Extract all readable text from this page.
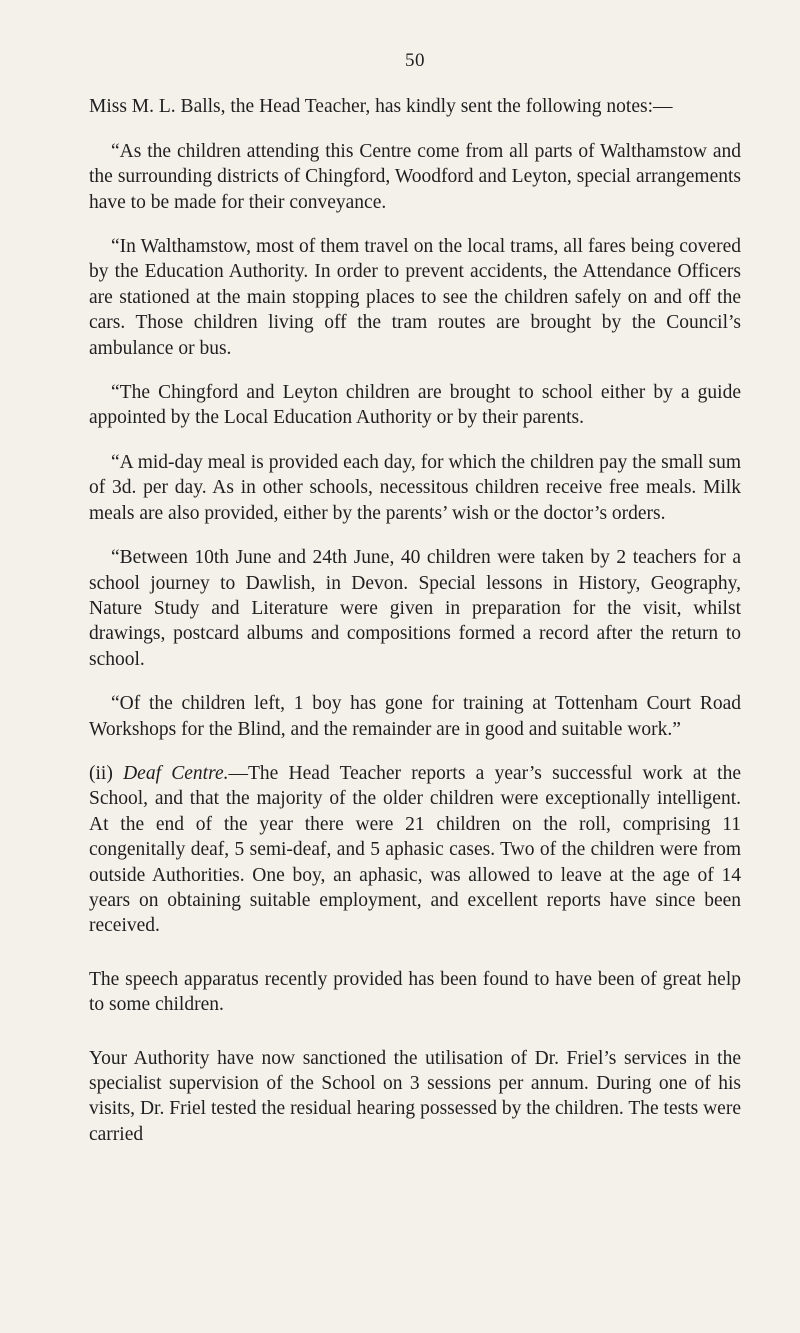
50

Miss M. L. Balls, the Head Teacher, has kindly sent the following notes:—

“As the children attending this Centre come from all parts of Walthamstow and the surrounding districts of Chingford, Woodford and Leyton, special arrangements have to be made for their conveyance.

“In Walthamstow, most of them travel on the local trams, all fares being covered by the Education Authority. In order to prevent accidents, the Attendance Officers are stationed at the main stopping places to see the children safely on and off the cars. Those children living off the tram routes are brought by the Council’s ambulance or bus.

“The Chingford and Leyton children are brought to school either by a guide appointed by the Local Education Authority or by their parents.

“A mid-day meal is provided each day, for which the children pay the small sum of 3d. per day. As in other schools, necessitous children receive free meals. Milk meals are also provided, either by the parents’ wish or the doctor’s orders.

“Between 10th June and 24th June, 40 children were taken by 2 teachers for a school journey to Dawlish, in Devon. Special lessons in History, Geography, Nature Study and Literature were given in preparation for the visit, whilst drawings, postcard albums and compositions formed a record after the return to school.

“Of the children left, 1 boy has gone for training at Tottenham Court Road Workshops for the Blind, and the remainder are in good and suitable work.”

(ii) Deaf Centre.—The Head Teacher reports a year’s successful work at the School, and that the majority of the older children were exceptionally intelligent. At the end of the year there were 21 children on the roll, comprising 11 congenitally deaf, 5 semi-deaf, and 5 aphasic cases. Two of the children were from outside Authorities. One boy, an aphasic, was allowed to leave at the age of 14 years on obtaining suitable employment, and excellent reports have since been received.

The speech apparatus recently provided has been found to have been of great help to some children.

Your Authority have now sanctioned the utilisation of Dr. Friel’s services in the specialist supervision of the School on 3 sessions per annum. During one of his visits, Dr. Friel tested the residual hearing possessed by the children. The tests were carried
